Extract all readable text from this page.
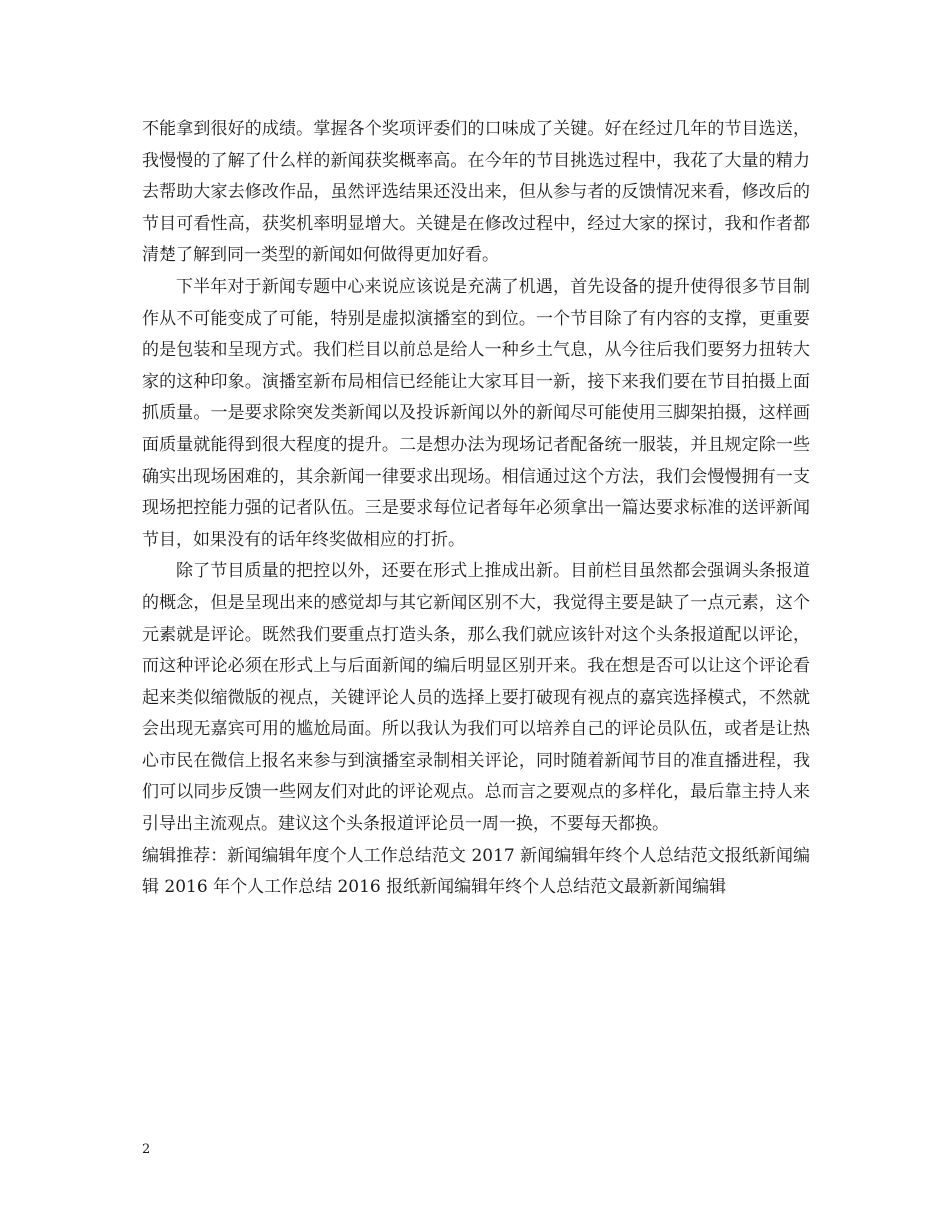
不能拿到很好的成绩。掌握各个奖项评委们的口味成了关键。好在经过几年的节目选送，我慢慢的了解了什么样的新闻获奖概率高。在今年的节目挑选过程中，我花了大量的精力去帮助大家去修改作品，虽然评选结果还没出来，但从参与者的反馈情况来看，修改后的节目可看性高，获奖机率明显增大。关键是在修改过程中，经过大家的探讨，我和作者都清楚了解到同一类型的新闻如何做得更加好看。

下半年对于新闻专题中心来说应该说是充满了机遇，首先设备的提升使得很多节目制作从不可能变成了可能，特别是虚拟演播室的到位。一个节目除了有内容的支撑，更重要的是包装和呈现方式。我们栏目以前总是给人一种乡土气息，从今往后我们要努力扭转大家的这种印象。演播室新布局相信已经能让大家耳目一新，接下来我们要在节目拍摄上面抓质量。一是要求除突发类新闻以及投诉新闻以外的新闻尽可能使用三脚架拍摄，这样画面质量就能得到很大程度的提升。二是想办法为现场记者配备统一服装，并且规定除一些确实出现场困难的，其余新闻一律要求出现场。相信通过这个方法，我们会慢慢拥有一支现场把控能力强的记者队伍。三是要求每位记者每年必须拿出一篇达要求标准的送评新闻节目，如果没有的话年终奖做相应的打折。

除了节目质量的把控以外，还要在形式上推成出新。目前栏目虽然都会强调头条报道的概念，但是呈现出来的感觉却与其它新闻区别不大，我觉得主要是缺了一点元素，这个元素就是评论。既然我们要重点打造头条，那么我们就应该针对这个头条报道配以评论，而这种评论必须在形式上与后面新闻的编后明显区别开来。我在想是否可以让这个评论看起来类似缩微版的视点，关键评论人员的选择上要打破现有视点的嘉宾选择模式，不然就会出现无嘉宾可用的尴尬局面。所以我认为我们可以培养自己的评论员队伍，或者是让热心市民在微信上报名来参与到演播室录制相关评论，同时随着新闻节目的准直播进程，我们可以同步反馈一些网友们对此的评论观点。总而言之要观点的多样化，最后靠主持人来引导出主流观点。建议这个头条报道评论员一周一换，不要每天都换。

编辑推荐：新闻编辑年度个人工作总结范文 2017 新闻编辑年终个人总结范文报纸新闻编辑 2016 年个人工作总结 2016 报纸新闻编辑年终个人总结范文最新新闻编辑

2
